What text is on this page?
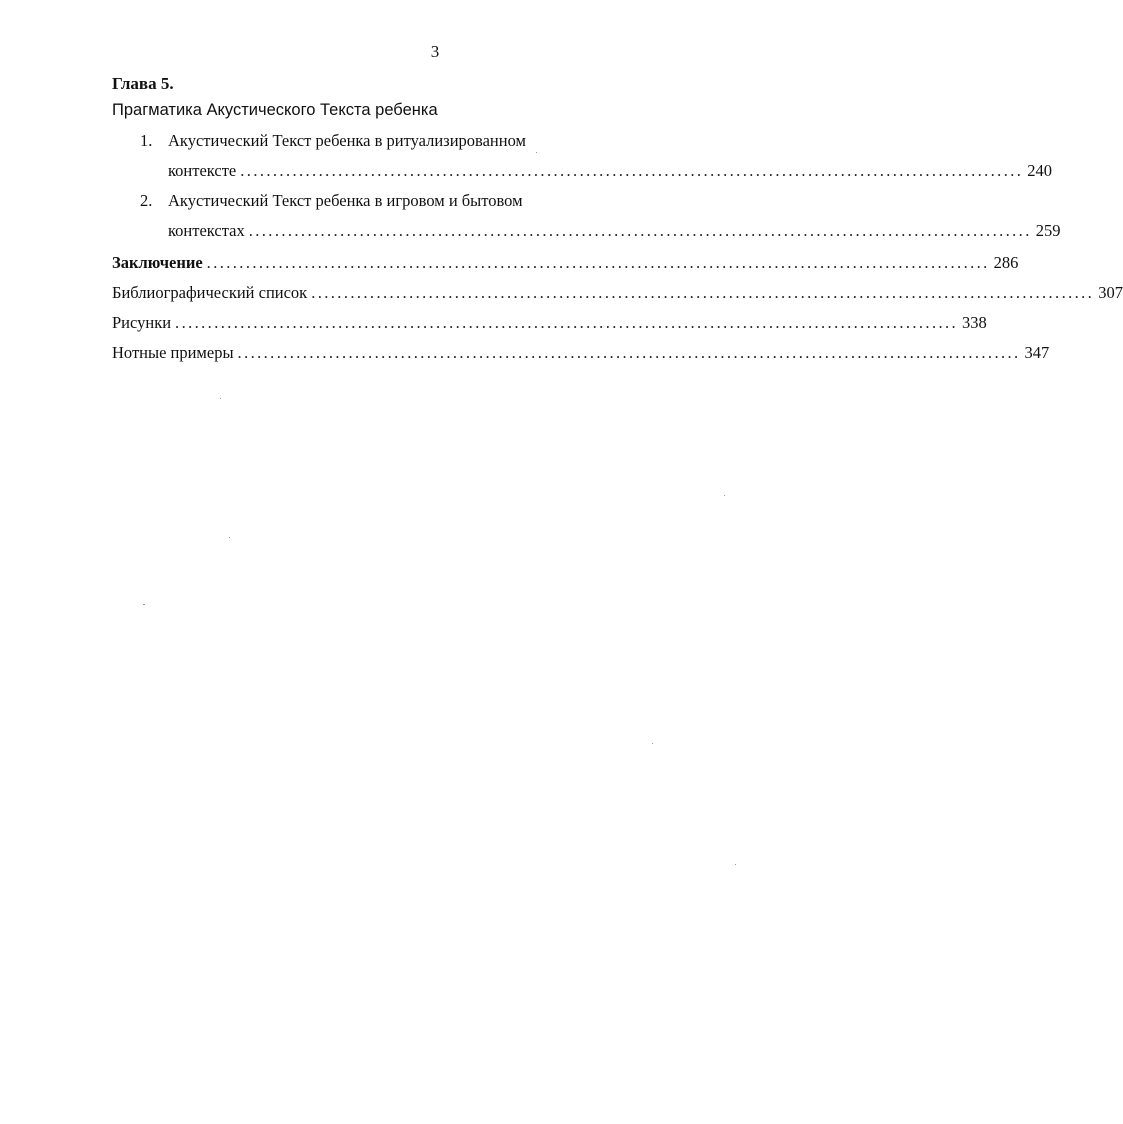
3
Глава 5.
Прагматика Акустического Текста ребенка
1. Акустический Текст ребенка в ритуализированном
контексте ........................................................................................................................ 240
2. Акустический Текст ребенка в игровом и бытовом
контекстах ........................................................................................................................ 259
Заключение ........................................................................................................................ 286
Библиографический список ........................................................................................................................ 307
Рисунки ........................................................................................................................ 338
Нотные примеры ........................................................................................................................ 347
